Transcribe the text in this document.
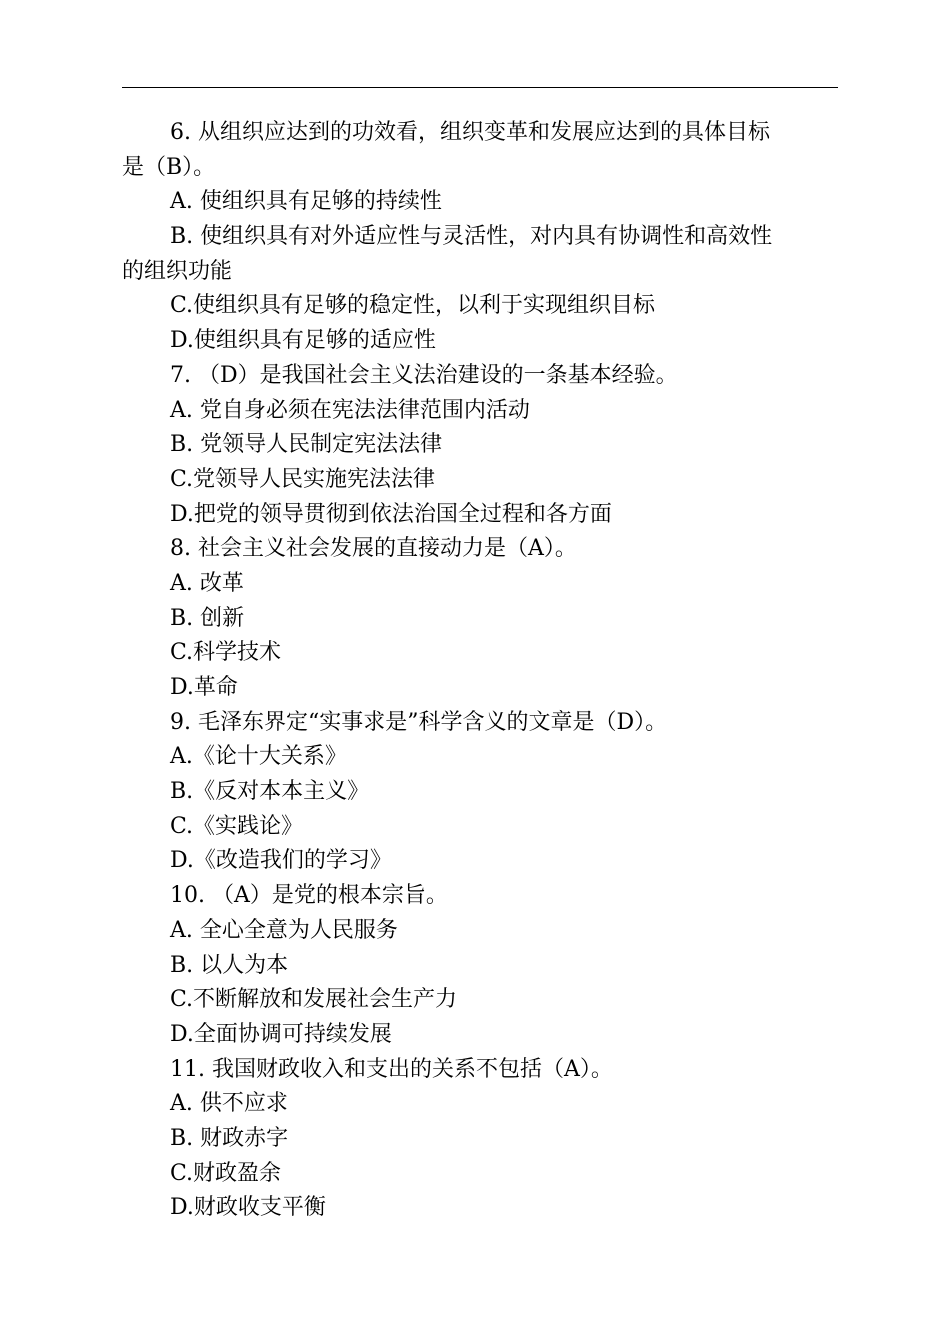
6. 从组织应达到的功效看，组织变革和发展应达到的具体目标
是（B）。
A. 使组织具有足够的持续性
B. 使组织具有对外适应性与灵活性，对内具有协调性和高效性
的组织功能
C.使组织具有足够的稳定性，以利于实现组织目标
D.使组织具有足够的适应性
7. （D）是我国社会主义法治建设的一条基本经验。
A. 党自身必须在宪法法律范围内活动
B. 党领导人民制定宪法法律
C.党领导人民实施宪法法律
D.把党的领导贯彻到依法治国全过程和各方面
8. 社会主义社会发展的直接动力是（A）。
A. 改革
B. 创新
C.科学技术
D.革命
9. 毛泽东界定“实事求是”科学含义的文章是（D）。
A.《论十大关系》
B.《反对本本主义》
C.《实践论》
D.《改造我们的学习》
10. （A）是党的根本宗旨。
A. 全心全意为人民服务
B. 以人为本
C.不断解放和发展社会生产力
D.全面协调可持续发展
11. 我国财政收入和支出的关系不包括（A）。
A. 供不应求
B. 财政赤字
C.财政盈余
D.财政收支平衡
